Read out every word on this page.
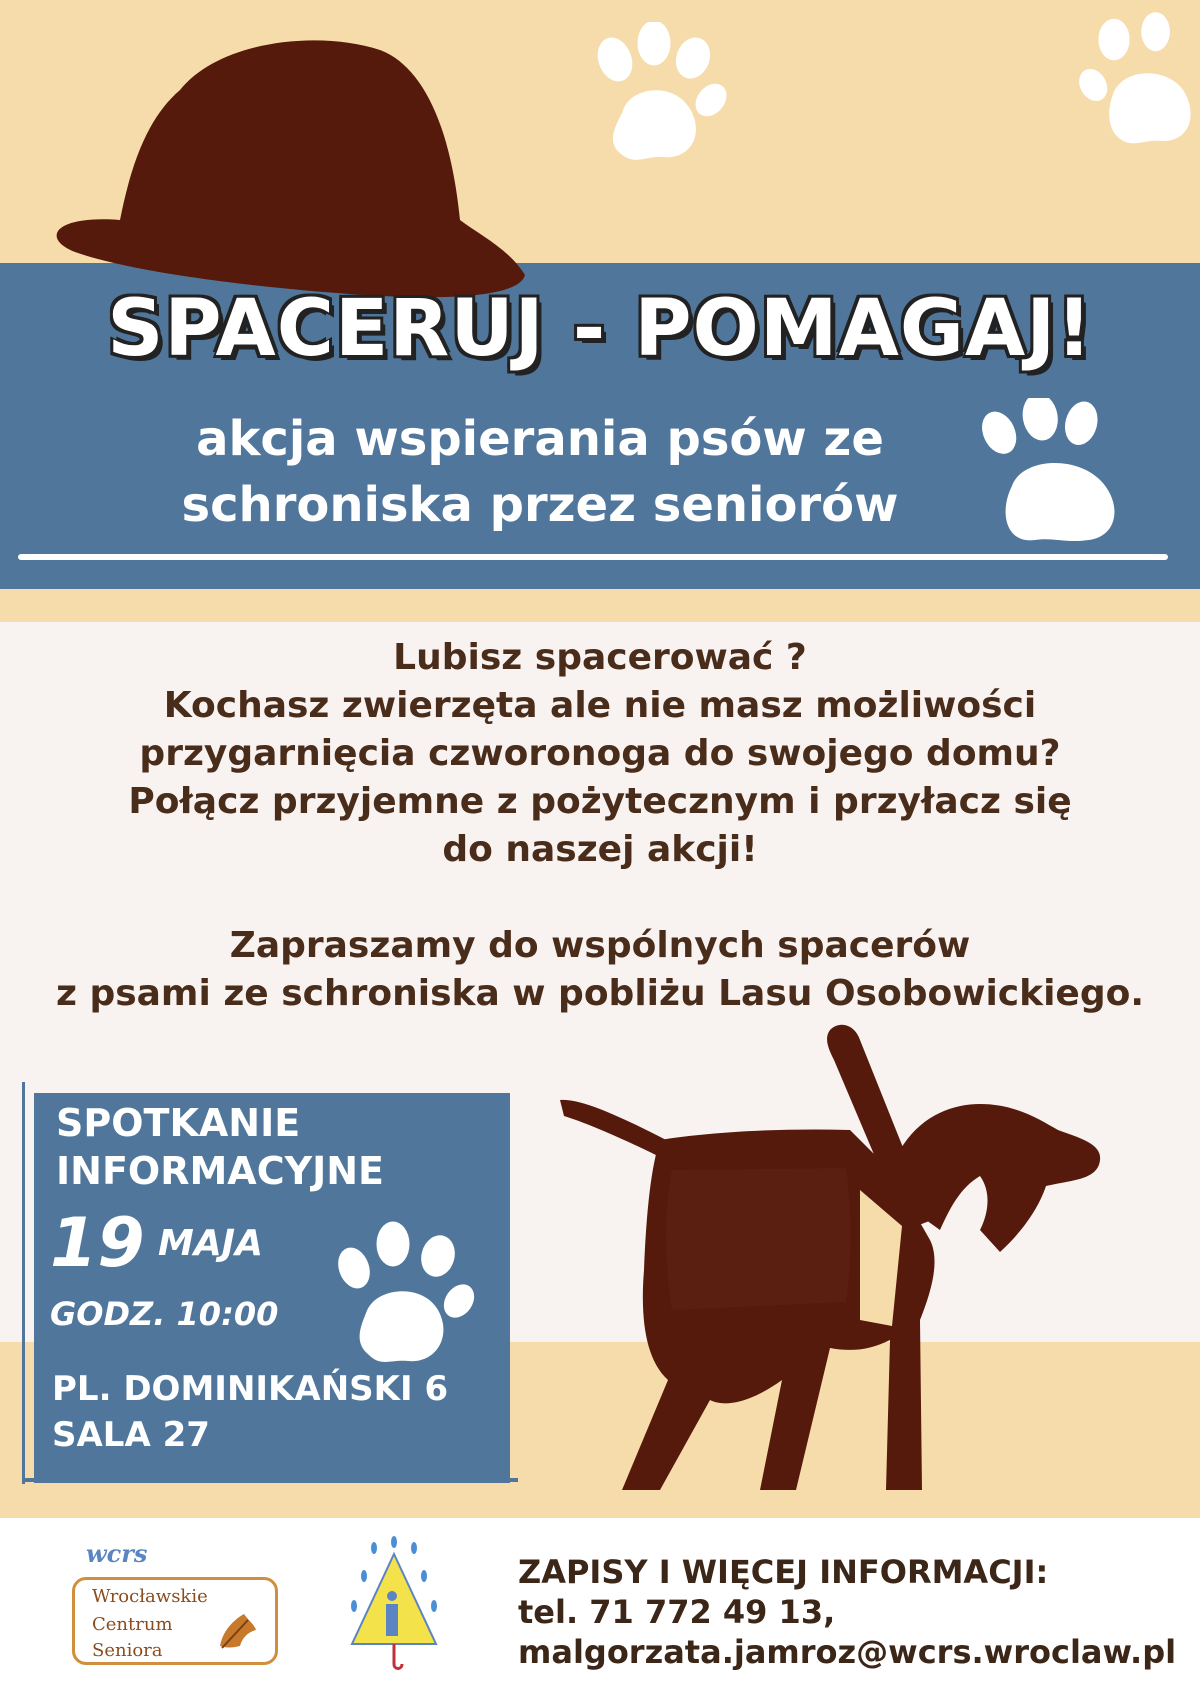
SPACERUJ - POMAGAJ!
akcja wspierania psów ze
schroniska przez seniorów
Lubisz spacerować ?
Kochasz zwierzęta ale nie masz możliwości
przygarnięcia czworonoga do swojego domu?
Połącz przyjemne z pożytecznym i przyłacz się
do naszej akcji!
Zapraszamy do wspólnych spacerów
z psami ze schroniska w pobliżu Lasu Osobowickiego.
SPOTKANIE
INFORMACYJNE
19 MAJA
GODZ. 10:00
PL. DOMINIKAŃSKI 6
SALA 27
wcrs
Wrocławskie
Centrum
Seniora
ZAPISY I WIĘCEJ INFORMACJI:
tel. 71 772 49 13,
malgorzata.jamroz@wcrs.wroclaw.pl
